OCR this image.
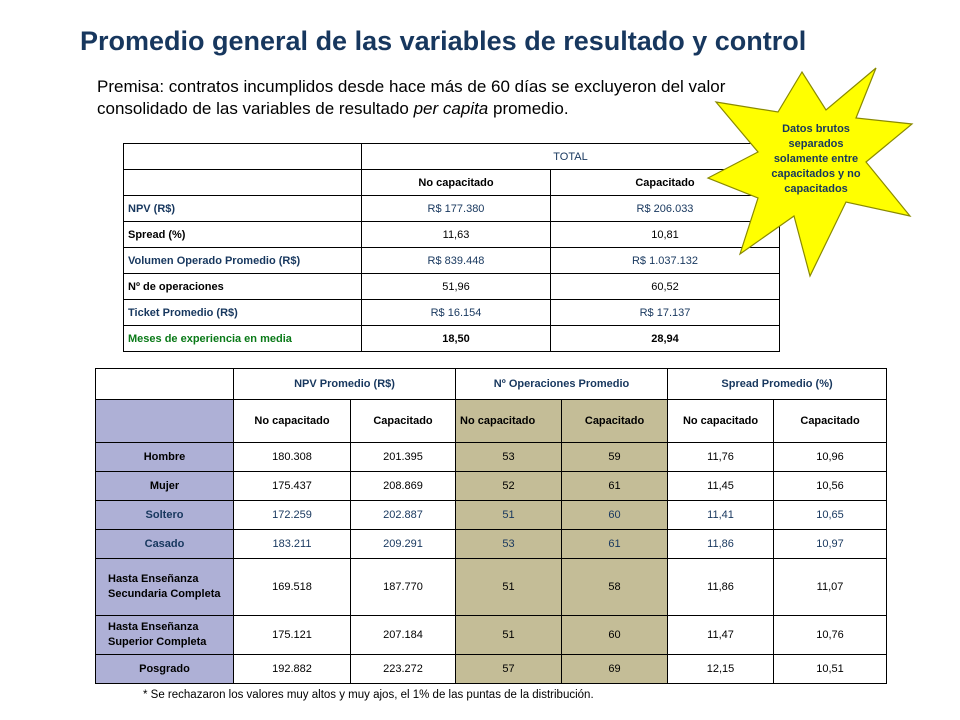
Promedio general de las variables de resultado y control
Premisa: contratos incumplidos desde hace más de 60 días se excluyeron del valor consolidado de las variables de resultado per capita promedio.
	TOTAL	
	No capacitado	Capacitado
NPV (R$)	R$ 177.380	R$ 206.033
Spread (%)	11,63	10,81
Volumen Operado Promedio (R$)	R$ 839.448	R$ 1.037.132
Nº de operaciones	51,96	60,52
Ticket Promedio (R$)	R$ 16.154	R$ 17.137
Meses de experiencia en media	18,50	28,94
Datos brutos separados solamente entre capacitados y no capacitados
	NPV Promedio (R$)		Nº Operaciones Promedio		Spread Promedio (%)	
	No capacitado	Capacitado	No capacitado	Capacitado	No capacitado	Capacitado
Hombre	180.308	201.395	53	59	11,76	10,96
Mujer	175.437	208.869	52	61	11,45	10,56
Soltero	172.259	202.887	51	60	11,41	10,65
Casado	183.211	209.291	53	61	11,86	10,97
Hasta Enseñanza Secundaria Completa	169.518	187.770	51	58	11,86	11,07
Hasta Enseñanza Superior Completa	175.121	207.184	51	60	11,47	10,76
Posgrado	192.882	223.272	57	69	12,15	10,51
* Se rechazaron los valores muy altos y muy ajos, el 1% de las puntas de la distribución.
